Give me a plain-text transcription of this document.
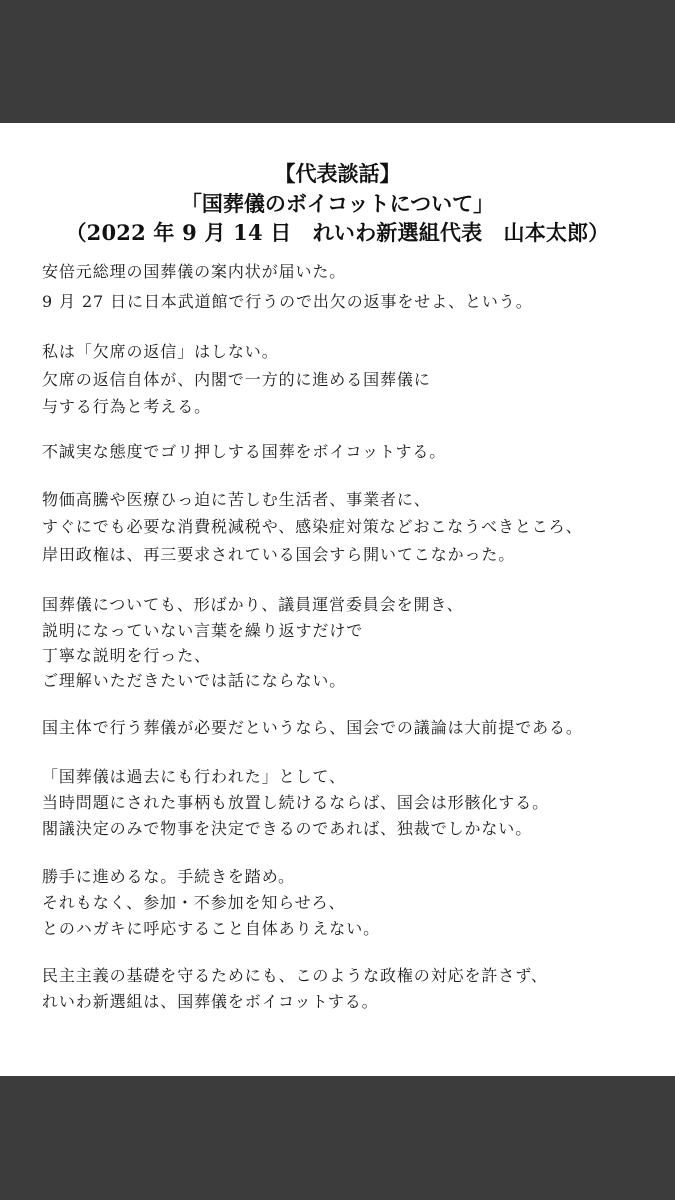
【代表談話】
「国葬儀のボイコットについて」
（2022 年 9 月 14 日　れいわ新選組代表　山本太郎）
安倍元総理の国葬儀の案内状が届いた。
9 月 27 日に日本武道館で行うので出欠の返事をせよ、という。
私は「欠席の返信」はしない。
欠席の返信自体が、内閣で一方的に進める国葬儀に
与する行為と考える。
不誠実な態度でゴリ押しする国葬をボイコットする。
物価高騰や医療ひっ迫に苦しむ生活者、事業者に、
すぐにでも必要な消費税減税や、感染症対策などおこなうべきところ、
岸田政権は、再三要求されている国会すら開いてこなかった。
国葬儀についても、形ばかり、議員運営委員会を開き、
説明になっていない言葉を繰り返すだけで
丁寧な説明を行った、
ご理解いただきたいでは話にならない。
国主体で行う葬儀が必要だというなら、国会での議論は大前提である。
「国葬儀は過去にも行われた」として、
当時問題にされた事柄も放置し続けるならば、国会は形骸化する。
閣議決定のみで物事を決定できるのであれば、独裁でしかない。
勝手に進めるな。手続きを踏め。
それもなく、参加・不参加を知らせろ、
とのハガキに呼応すること自体ありえない。
民主主義の基礎を守るためにも、このような政権の対応を許さず、
れいわ新選組は、国葬儀をボイコットする。
